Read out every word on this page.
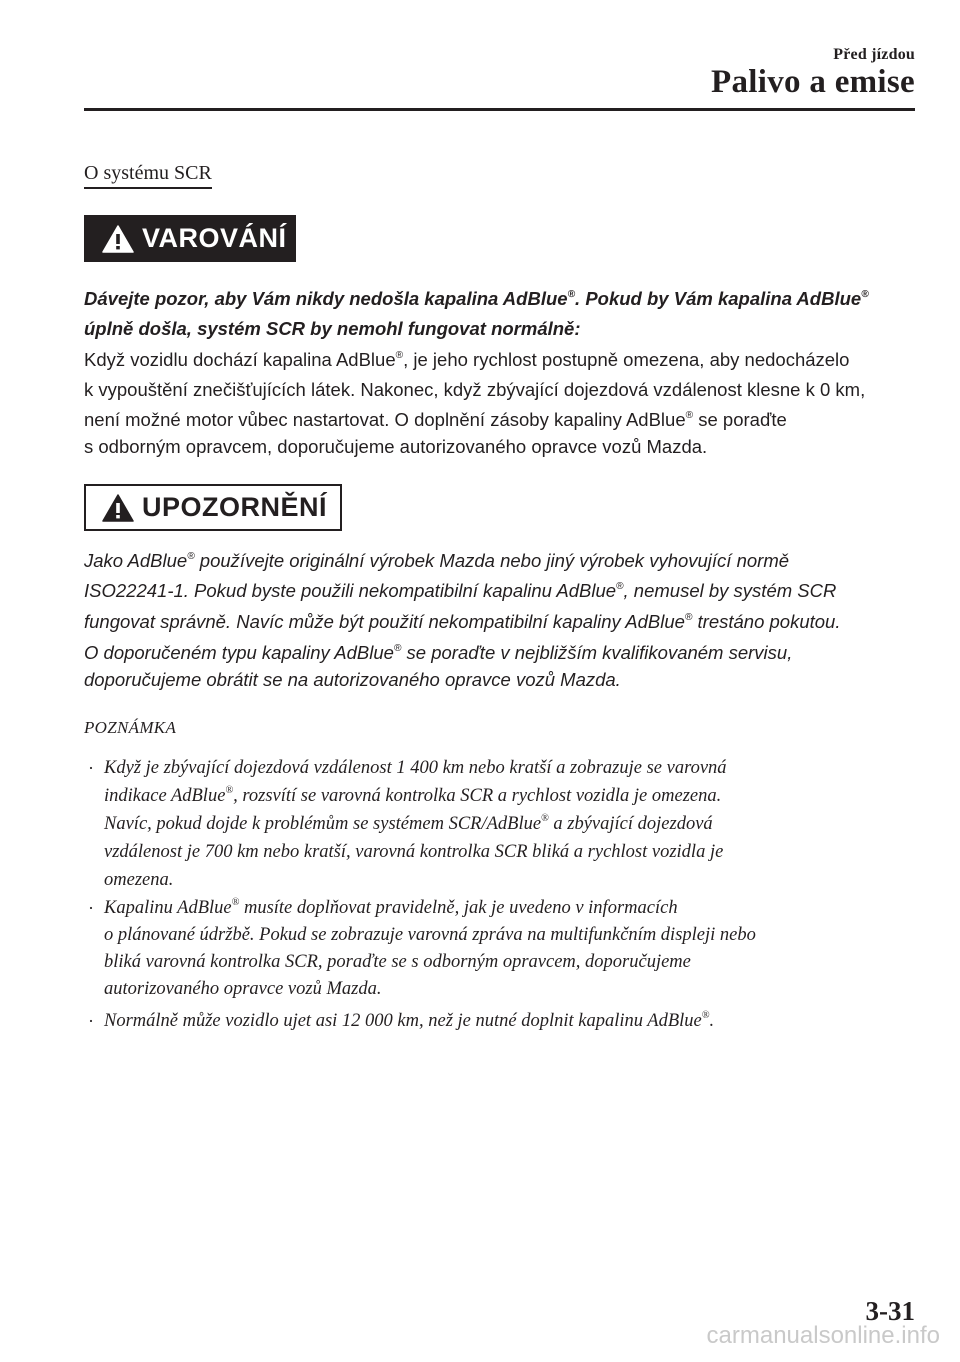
Před jízdou
Palivo a emise
O systému SCR
VAROVÁNÍ
Dávejte pozor, aby Vám nikdy nedošla kapalina AdBlue®. Pokud by Vám kapalina AdBlue®
úplně došla, systém SCR by nemohl fungovat normálně:
Když vozidlu dochází kapalina AdBlue®, je jeho rychlost postupně omezena, aby nedocházelo
k vypouštění znečišťujících látek. Nakonec, když zbývající dojezdová vzdálenost klesne k 0 km,
není možné motor vůbec nastartovat. O doplnění zásoby kapaliny AdBlue® se poraďte
s odborným opravcem, doporučujeme autorizovaného opravce vozů Mazda.
UPOZORNĚNÍ
Jako AdBlue® používejte originální výrobek Mazda nebo jiný výrobek vyhovující normě
ISO22241-1. Pokud byste použili nekompatibilní kapalinu AdBlue®, nemusel by systém SCR
fungovat správně. Navíc může být použití nekompatibilní kapaliny AdBlue® trestáno pokutou.
O doporučeném typu kapaliny AdBlue® se poraďte v nejbližším kvalifikovaném servisu,
doporučujeme obrátit se na autorizovaného opravce vozů Mazda.
POZNÁMKA
· Když je zbývající dojezdová vzdálenost 1 400 km nebo kratší a zobrazuje se varovná
indikace AdBlue®, rozsvítí se varovná kontrolka SCR a rychlost vozidla je omezena.
Navíc, pokud dojde k problémům se systémem SCR/AdBlue® a zbývající dojezdová
vzdálenost je 700 km nebo kratší, varovná kontrolka SCR bliká a rychlost vozidla je
omezena.
· Kapalinu AdBlue® musíte doplňovat pravidelně, jak je uvedeno v informacích
o plánované údržbě. Pokud se zobrazuje varovná zpráva na multifunkčním displeji nebo
bliká varovná kontrolka SCR, poraďte se s odborným opravcem, doporučujeme
autorizovaného opravce vozů Mazda.
· Normálně může vozidlo ujet asi 12 000 km, než je nutné doplnit kapalinu AdBlue®.
3-31
carmanualsonline.info
